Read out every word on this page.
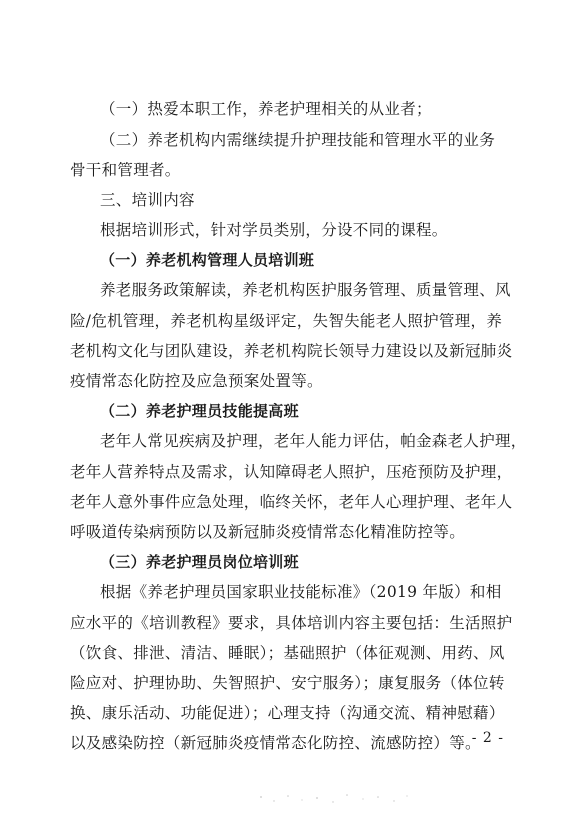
（一）热爱本职工作，养老护理相关的从业者；
（二）养老机构内需继续提升护理技能和管理水平的业务
骨干和管理者。
三、培训内容
根据培训形式，针对学员类别，分设不同的课程。
（一）养老机构管理人员培训班
养老服务政策解读，养老机构医护服务管理、质量管理、风
险/危机管理，养老机构星级评定，失智失能老人照护管理，养
老机构文化与团队建设，养老机构院长领导力建设以及新冠肺炎
疫情常态化防控及应急预案处置等。
（二）养老护理员技能提高班
老年人常见疾病及护理，老年人能力评估，帕金森老人护理，
老年人营养特点及需求，认知障碍老人照护，压疮预防及护理，
老年人意外事件应急处理，临终关怀，老年人心理护理、老年人
呼吸道传染病预防以及新冠肺炎疫情常态化精准防控等。
（三）养老护理员岗位培训班
根据《养老护理员国家职业技能标准》（2019 年版）和相
应水平的《培训教程》要求，具体培训内容主要包括：生活照护
（饮食、排泄、清洁、睡眠）；基础照护（体征观测、用药、风
险应对、护理协助、失智照护、安宁服务）；康复服务（体位转
换、康乐活动、功能促进）；心理支持（沟通交流、精神慰藉）
以及感染防控（新冠肺炎疫情常态化防控、流感防控）等。
- 2 -
